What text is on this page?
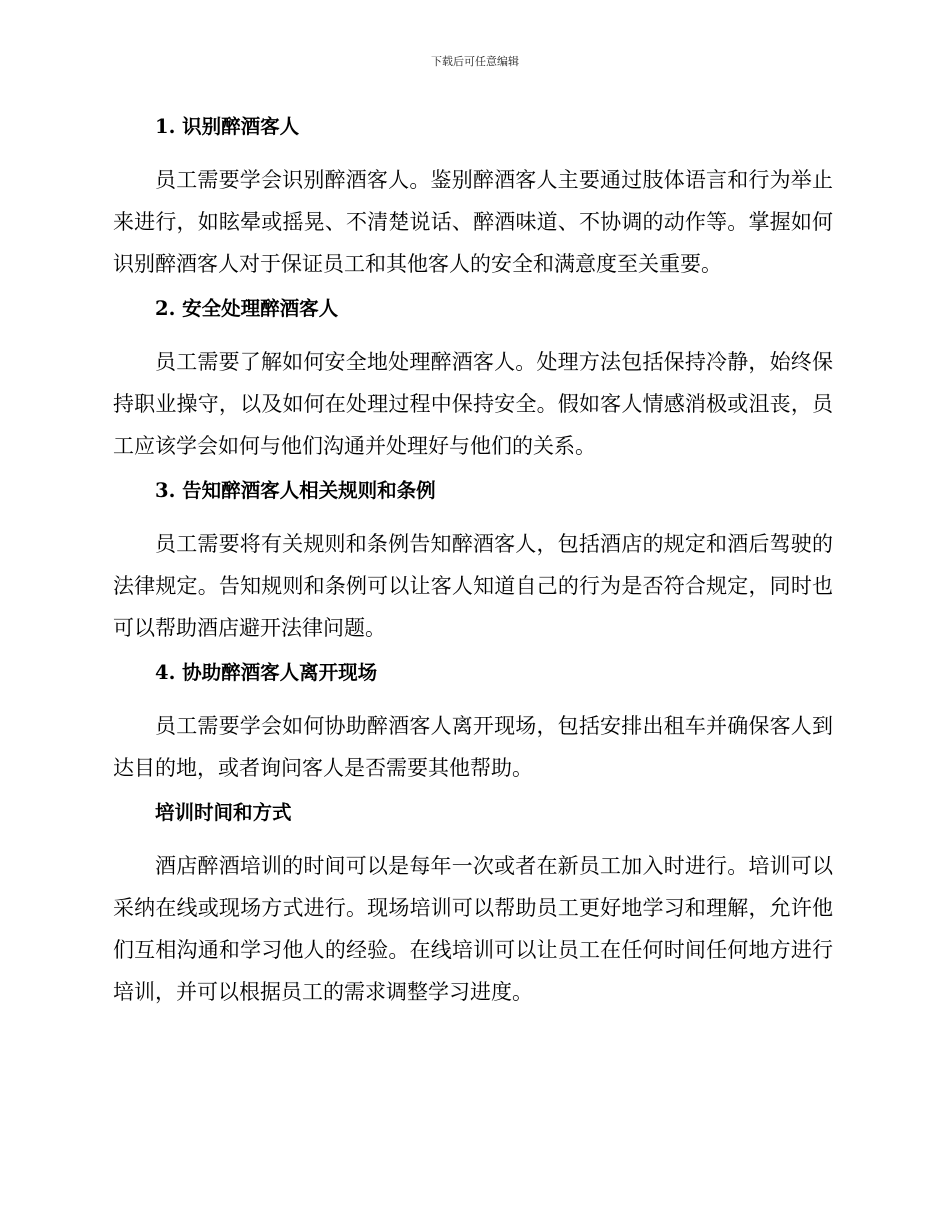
下载后可任意编辑
1. 识别醉酒客人

员工需要学会识别醉酒客人。鉴别醉酒客人主要通过肢体语言和行为举止来进行，如眩晕或摇晃、不清楚说话、醉酒味道、不协调的动作等。掌握如何识别醉酒客人对于保证员工和其他客人的安全和满意度至关重要。

2. 安全处理醉酒客人

员工需要了解如何安全地处理醉酒客人。处理方法包括保持冷静，始终保持职业操守，以及如何在处理过程中保持安全。假如客人情感消极或沮丧，员工应该学会如何与他们沟通并处理好与他们的关系。

3. 告知醉酒客人相关规则和条例

员工需要将有关规则和条例告知醉酒客人，包括酒店的规定和酒后驾驶的法律规定。告知规则和条例可以让客人知道自己的行为是否符合规定，同时也可以帮助酒店避开法律问题。

4. 协助醉酒客人离开现场

员工需要学会如何协助醉酒客人离开现场，包括安排出租车并确保客人到达目的地，或者询问客人是否需要其他帮助。

培训时间和方式

酒店醉酒培训的时间可以是每年一次或者在新员工加入时进行。培训可以采纳在线或现场方式进行。现场培训可以帮助员工更好地学习和理解，允许他们互相沟通和学习他人的经验。在线培训可以让员工在任何时间任何地方进行培训，并可以根据员工的需求调整学习进度。
